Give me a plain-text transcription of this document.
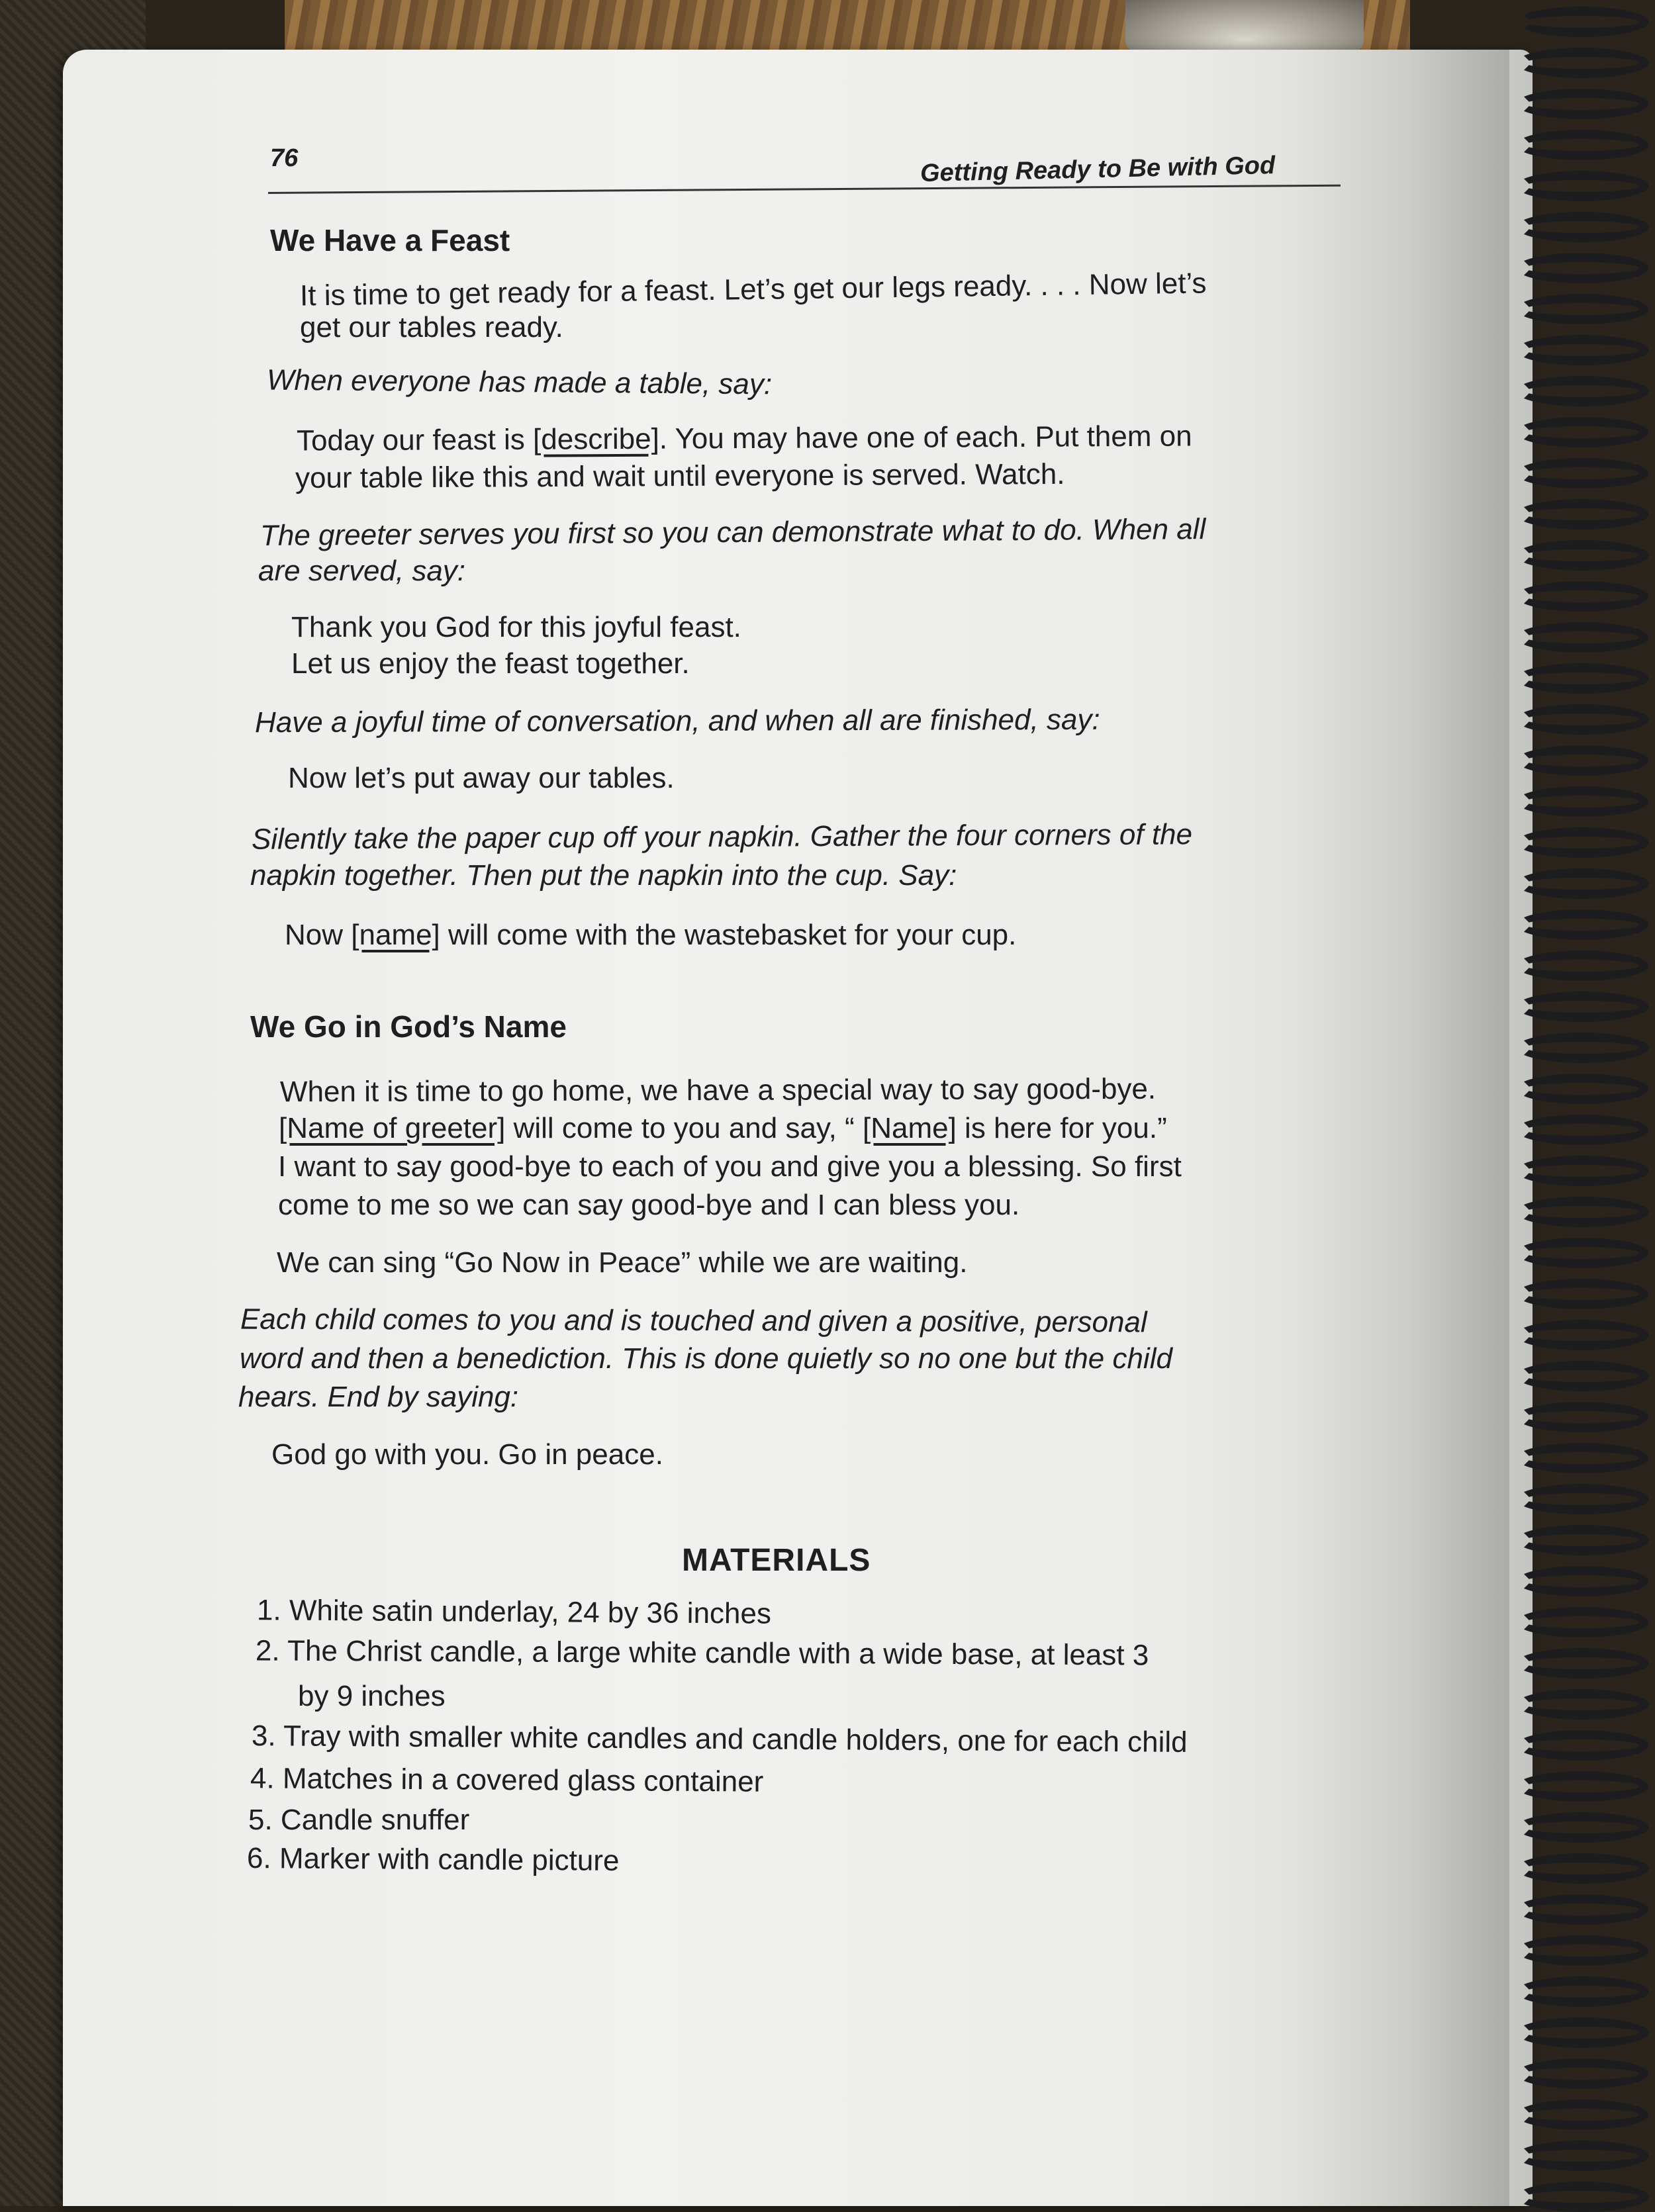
76	Getting Ready to Be with God
We Have a Feast
It is time to get ready for a feast. Let’s get our legs ready. . . . Now let’s
get our tables ready.
When everyone has made a table, say:
Today our feast is [describe]. You may have one of each. Put them on
your table like this and wait until everyone is served. Watch.
The greeter serves you first so you can demonstrate what to do. When all
are served, say:
Thank you God for this joyful feast.
Let us enjoy the feast together.
Have a joyful time of conversation, and when all are finished, say:
Now let’s put away our tables.
Silently take the paper cup off your napkin. Gather the four corners of the
napkin together. Then put the napkin into the cup. Say:
Now [name] will come with the wastebasket for your cup.
We Go in God’s Name
When it is time to go home, we have a special way to say good-bye.
[Name of greeter] will come to you and say, “ [Name] is here for you.”
I want to say good-bye to each of you and give you a blessing. So first
come to me so we can say good-bye and I can bless you.
We can sing “Go Now in Peace” while we are waiting.
Each child comes to you and is touched and given a positive, personal
word and then a benediction. This is done quietly so no one but the child
hears. End by saying:
God go with you. Go in peace.
MATERIALS
1. White satin underlay, 24 by 36 inches
2. The Christ candle, a large white candle with a wide base, at least 3
by 9 inches
3. Tray with smaller white candles and candle holders, one for each child
4. Matches in a covered glass container
5. Candle snuffer
6. Marker with candle picture
